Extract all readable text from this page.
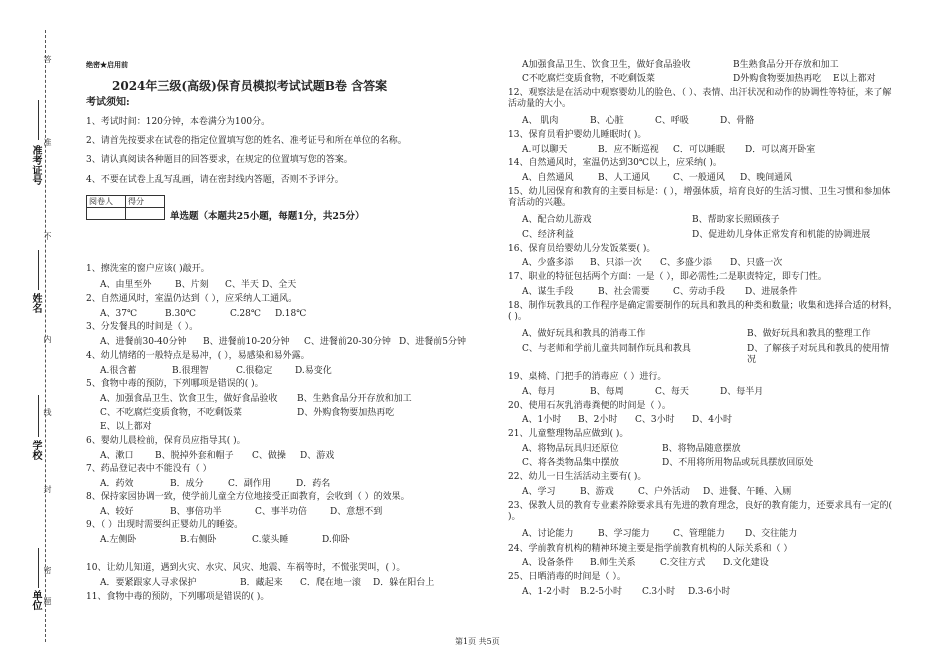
答
准
不
内
线
封
密
题
准考证号
姓名
学校
单位
绝密★启用前
2024年三级(高级)保育员模拟考试试题B卷 含答案
考试须知:
1、考试时间：120分钟，本卷满分为100分。
2、请首先按要求在试卷的指定位置填写您的姓名、准考证号和所在单位的名称。
3、请认真阅读各种题目的回答要求，在规定的位置填写您的答案。
4、不要在试卷上乱写乱画，请在密封线内答题，否则不予评分。
阅卷人	得分

单选题（本题共25小题，每题1分，共25分）
1、擦洗室的窗户应该( )敲开。
A、由里至外	B、片刻 C、半天 D、全天
2、自然通风时，室温仍达到（ ），应采纳人工通风。
A、37℃	B.30℃	C.28℃ D.18℃
3、分发餐具的时间是（ ）。
A、进餐前30-40分钟 B、进餐前10-20分钟 C、进餐前20-30分钟 D、进餐前5分钟
4、幼儿情绪的一般特点是易冲，( ），易感染和易外露。
A.很含蓄	B.很理智	C.很稳定	D.易变化
5、食物中毒的预防，下列哪项是错误的( )。
A、加强食品卫生、饮食卫生，做好食品验收 B、生熟食品分开存放和加工
C、不吃腐烂变质食物，不吃剩饭菜	D、外购食物要加热再吃
E、以上都对
6、婴幼儿晨检前，保育员应指导其( )。
A、漱口 B、脱掉外套和帽子 C、做操 D、游戏
7、药品登记表中不能没有（ ）
A．药效	B．成分	C．副作用	D．药名
8、保持家园协调一致，使学前儿童全方位地接受正面教育，会收到（ ）的效果。
A、较好	B、事倍功半	C、事半功倍	D、意想不到
9、（ ）出现时需要纠正婴幼儿的睡姿。
A.左侧卧	B.右侧卧	C.蒙头睡	D.仰卧
10、让幼儿知道，遇到火灾、水灾、风灾、地震、车祸等时，不慌张哭叫，( ）。
A．要紧跟家人寻求保护	B．藏起来 C．爬在地一滚 D．躲在阳台上
11、食物中毒的预防，下列哪项是错误的( )。
A加强食品卫生、饮食卫生，做好食品验收	B生熟食品分开存放和加工
C不吃腐烂变质食物，不吃剩饭菜	D外购食物要加热再吃 E以上都对
12、观察法是在活动中观察婴幼儿的脸色、（ ）、表情、出汗状况和动作的协调性等特征，来了解活动量的大小。
A、 肌肉	B、心脏	C、呼吸	D、骨骼
13、保育员看护婴幼儿睡眠时( )。
A.可以聊天	B．应不断巡视 C．可以睡眠 D．可以离开卧室
14、自然通风时，室温仍达到30℃以上，应采纳( )。
A、自然通风	B、人工通风	C、一般通风 D、晚间通风
15、幼儿园保育和教育的主要目标是：( ），增强体质，培育良好的生活习惯、卫生习惯和参加体育活动的兴趣。
A、配合幼儿游戏	B、帮助家长照顾孩子
C、经济利益	D、促进幼儿身体正常发育和机能的协调进展
16、保育员给婴幼儿分发饭菜要( )。
A、少盛多添 B、只添一次 C、多盛少添 D、只盛一次
17、职业的特征包括两个方面：一是（ ），即必需性;二是职责特定，即专门性。
A、谋生手段	B、社会需要	C、劳动手段 D、进展条件
18、制作玩教具的工作程序是确定需要制作的玩具和教具的种类和数量；收集和选择合适的材料，( )。
A、做好玩具和教具的消毒工作	B、做好玩具和教具的整理工作
C、与老师和学前儿童共同制作玩具和教具	D、了解孩子对玩具和教具的使用情况
19、桌椅、门把手的消毒应（ ）进行。
A、每月	B、每周	C、每天	D、每半月
20、使用石灰乳消毒粪便的时间是（ ）。
A、1小时 B、2小时 C、3小时 D、4小时
21、儿童整理物品应做到( )。
A、将物品玩具归还原位	B、将物品随意摆放
C、将各类物品集中摆放	D、不用将所用物品或玩具摆放回原处
22、幼儿一日生活活动主要有( )。
A、学习	B、游戏	C、户外活动 D、进餐、午睡、入厕
23、保教人员的教育专业素养除要求具有先进的教育理念，良好的教育能力，还要求具有一定的( )。
A、讨论能力	B、学习能力	C、管理能力 D、交往能力
24、学前教育机构的精神环境主要是指学前教育机构的人际关系和（ ）
A、设备条件 B.师生关系	C.交往方式 D.文化建设
25、日晒消毒的时间是（ ）。
A、1-2小时 B.2-5小时 C.3小时 D.3-6小时
第1页 共5页
